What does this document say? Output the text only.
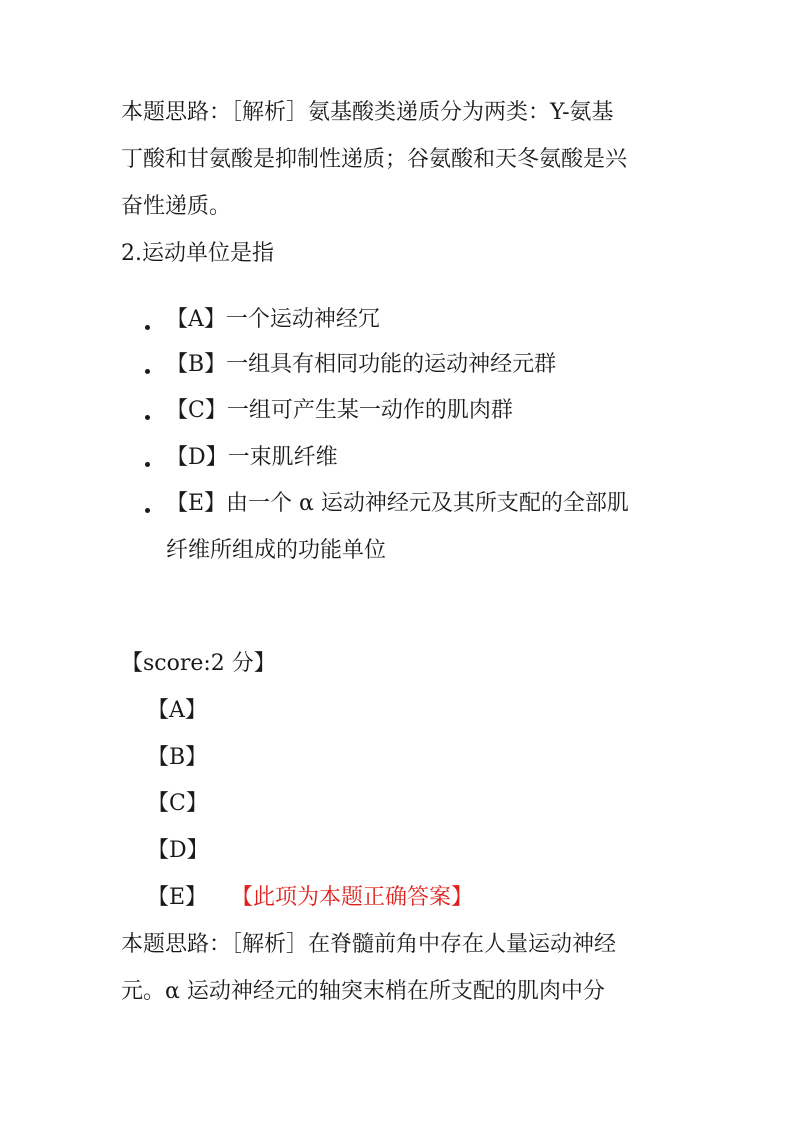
本题思路：［解析］氨基酸类递质分为两类：Y-氨基
丁酸和甘氨酸是抑制性递质；谷氨酸和天冬氨酸是兴
奋性递质。
2.运动单位是指
【A】一个运动神经冗
【B】一组具有相同功能的运动神经元群
【C】一组可产生某一动作的肌肉群
【D】一束肌纤维
【E】由一个 α 运动神经元及其所支配的全部肌
纤维所组成的功能单位
【score:2 分】
【A】
【B】
【C】
【D】
【E】 【此项为本题正确答案】
本题思路：［解析］在脊髓前角中存在人量运动神经
元。α 运动神经元的轴突末梢在所支配的肌肉中分
